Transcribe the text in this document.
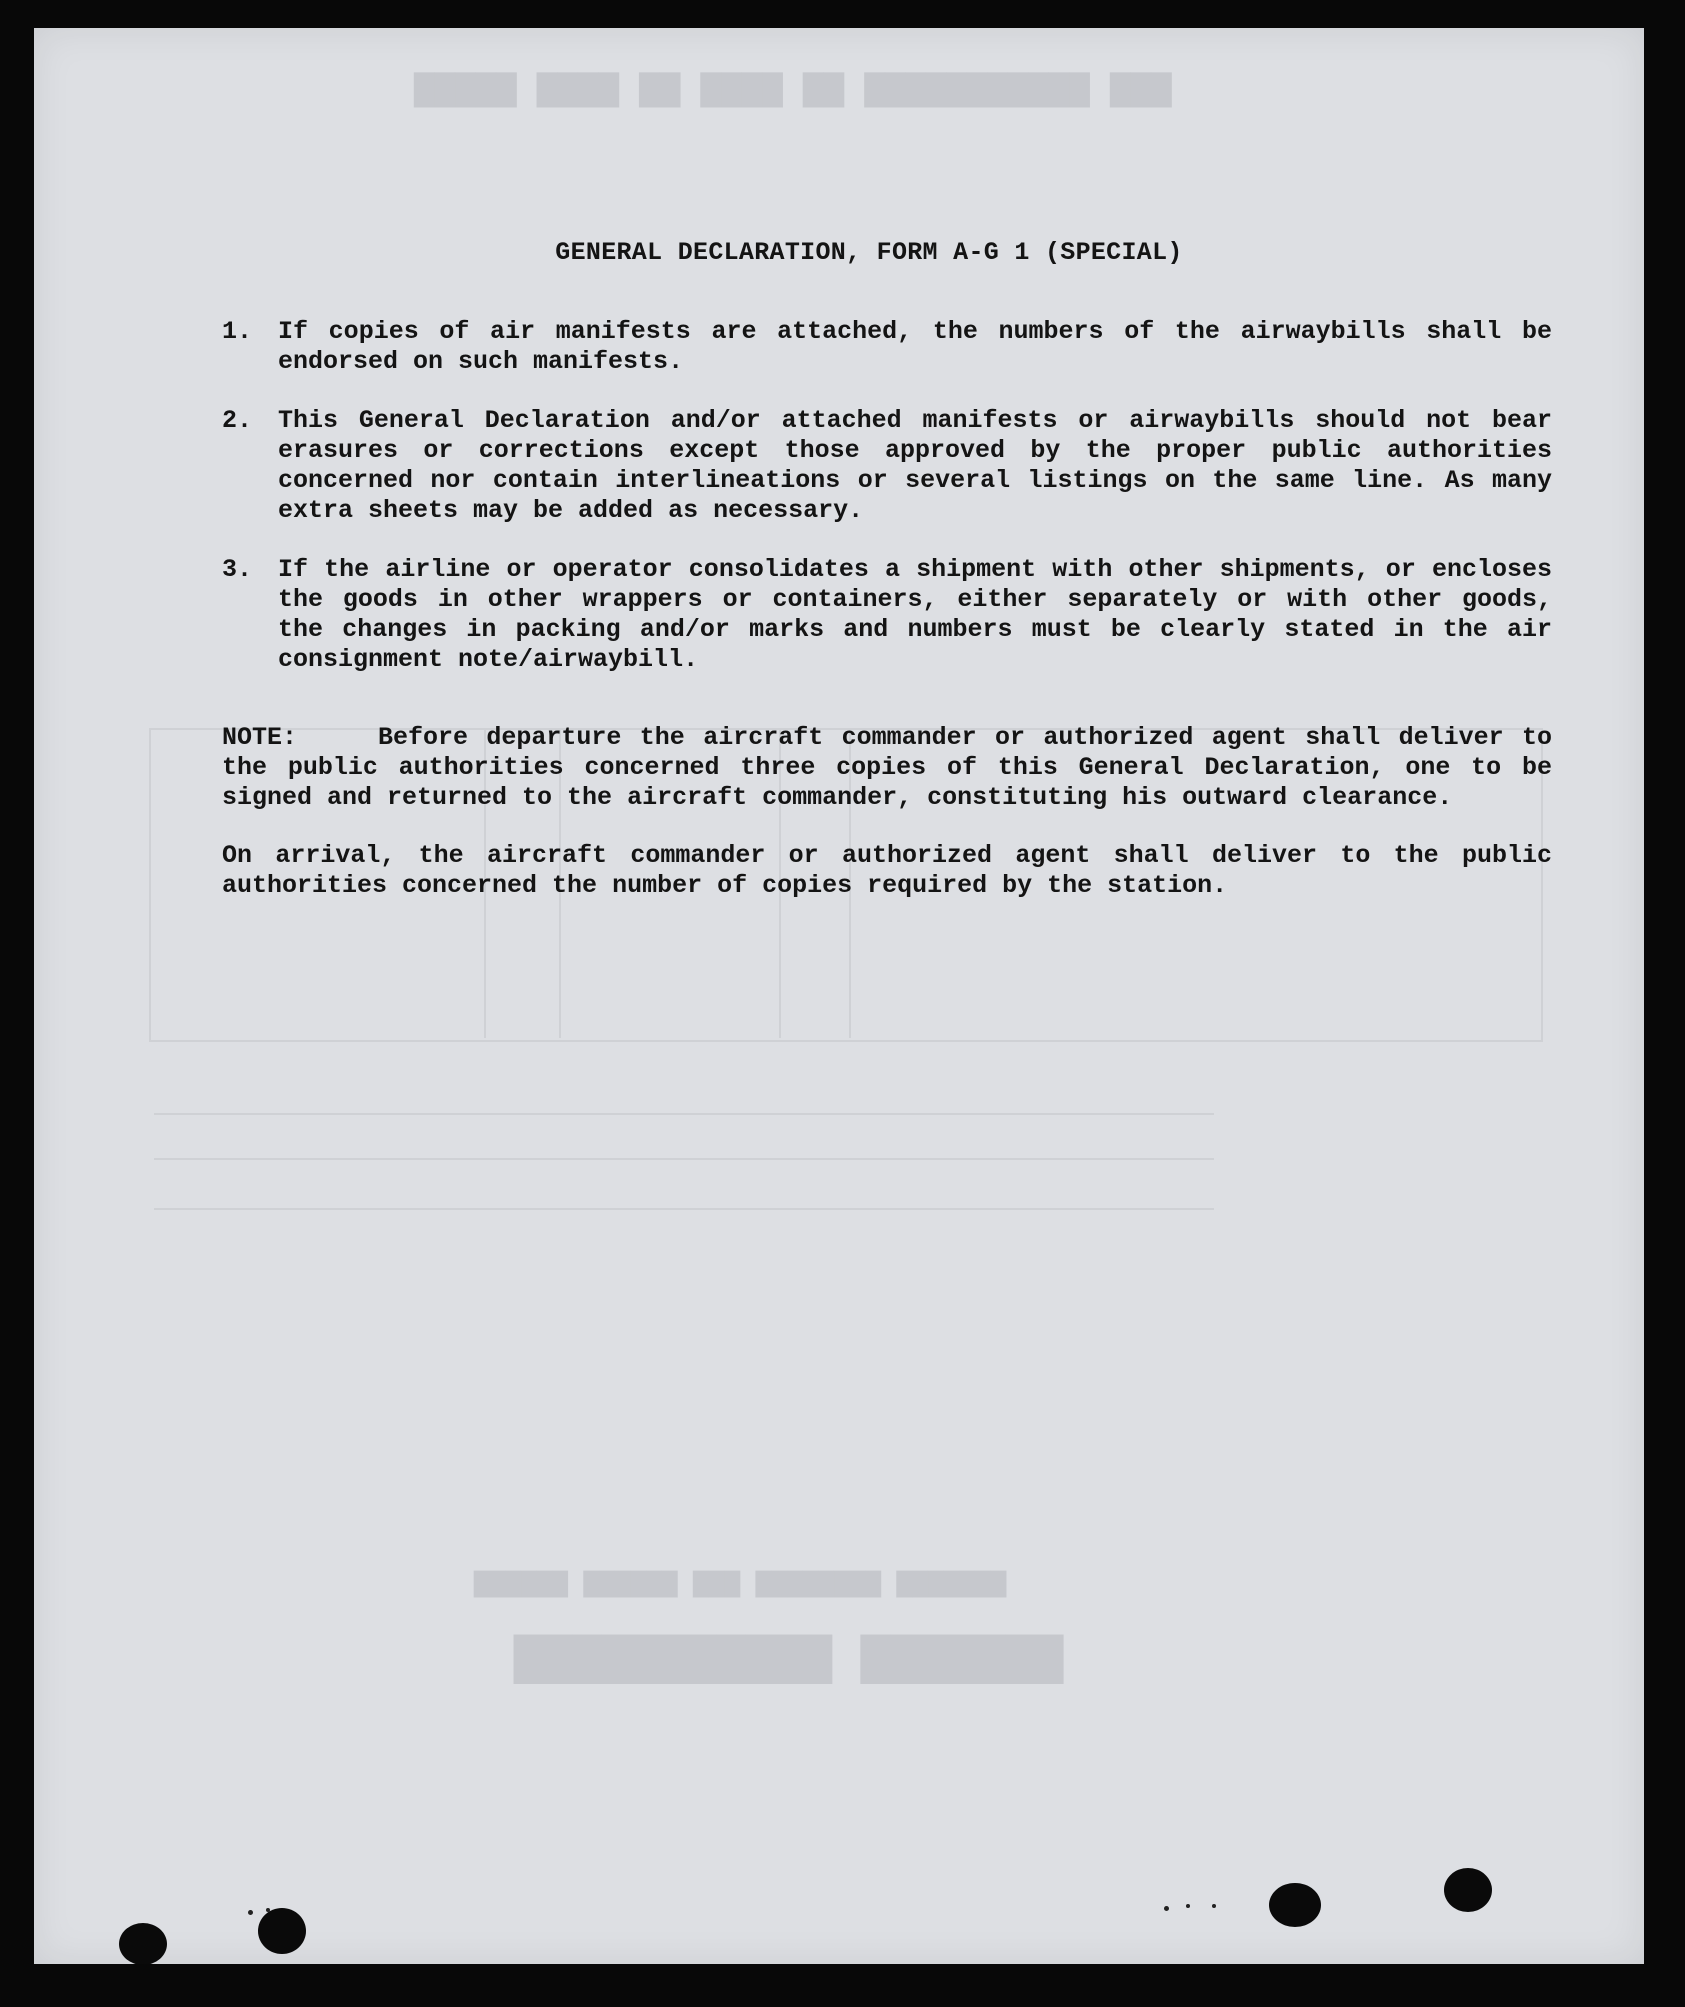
▇▇▇ ▇▇▇▇▇▇▇▇▇▇▇ ▇▇ ▇▇▇▇ ▇▇ ▇▇▇▇ ▇▇▇▇▇
▇▇▇▇▇▇▇ ▇▇▇▇▇▇▇▇▇▇▇
▇▇▇▇▇▇▇ ▇▇▇▇▇▇▇▇ ▇▇▇ ▇▇▇▇▇▇ ▇▇▇▇▇▇
GENERAL DECLARATION, FORM A-G 1 (SPECIAL)
1.	If copies of air manifests are attached, the numbers of the airwaybills shall be endorsed on such manifests.
2.	This General Declaration and/or attached manifests or airwaybills should not bear erasures or corrections except those approved by the proper public authorities concerned nor contain interlineations or several listings on the same line. As many extra sheets may be added as necessary.
3.	If the airline or operator consolidates a shipment with other shipments, or encloses the goods in other wrappers or containers, either separately or with other goods, the changes in packing and/or marks and numbers must be clearly stated in the air consignment note/airwaybill.
NOTE:	Before departure the aircraft commander or authorized agent shall deliver to the public authorities concerned three copies of this General Declaration, one to be signed and returned to the aircraft commander, constituting his outward clearance.
On arrival, the aircraft commander or authorized agent shall deliver to the public authorities concerned the number of copies required by the station.
